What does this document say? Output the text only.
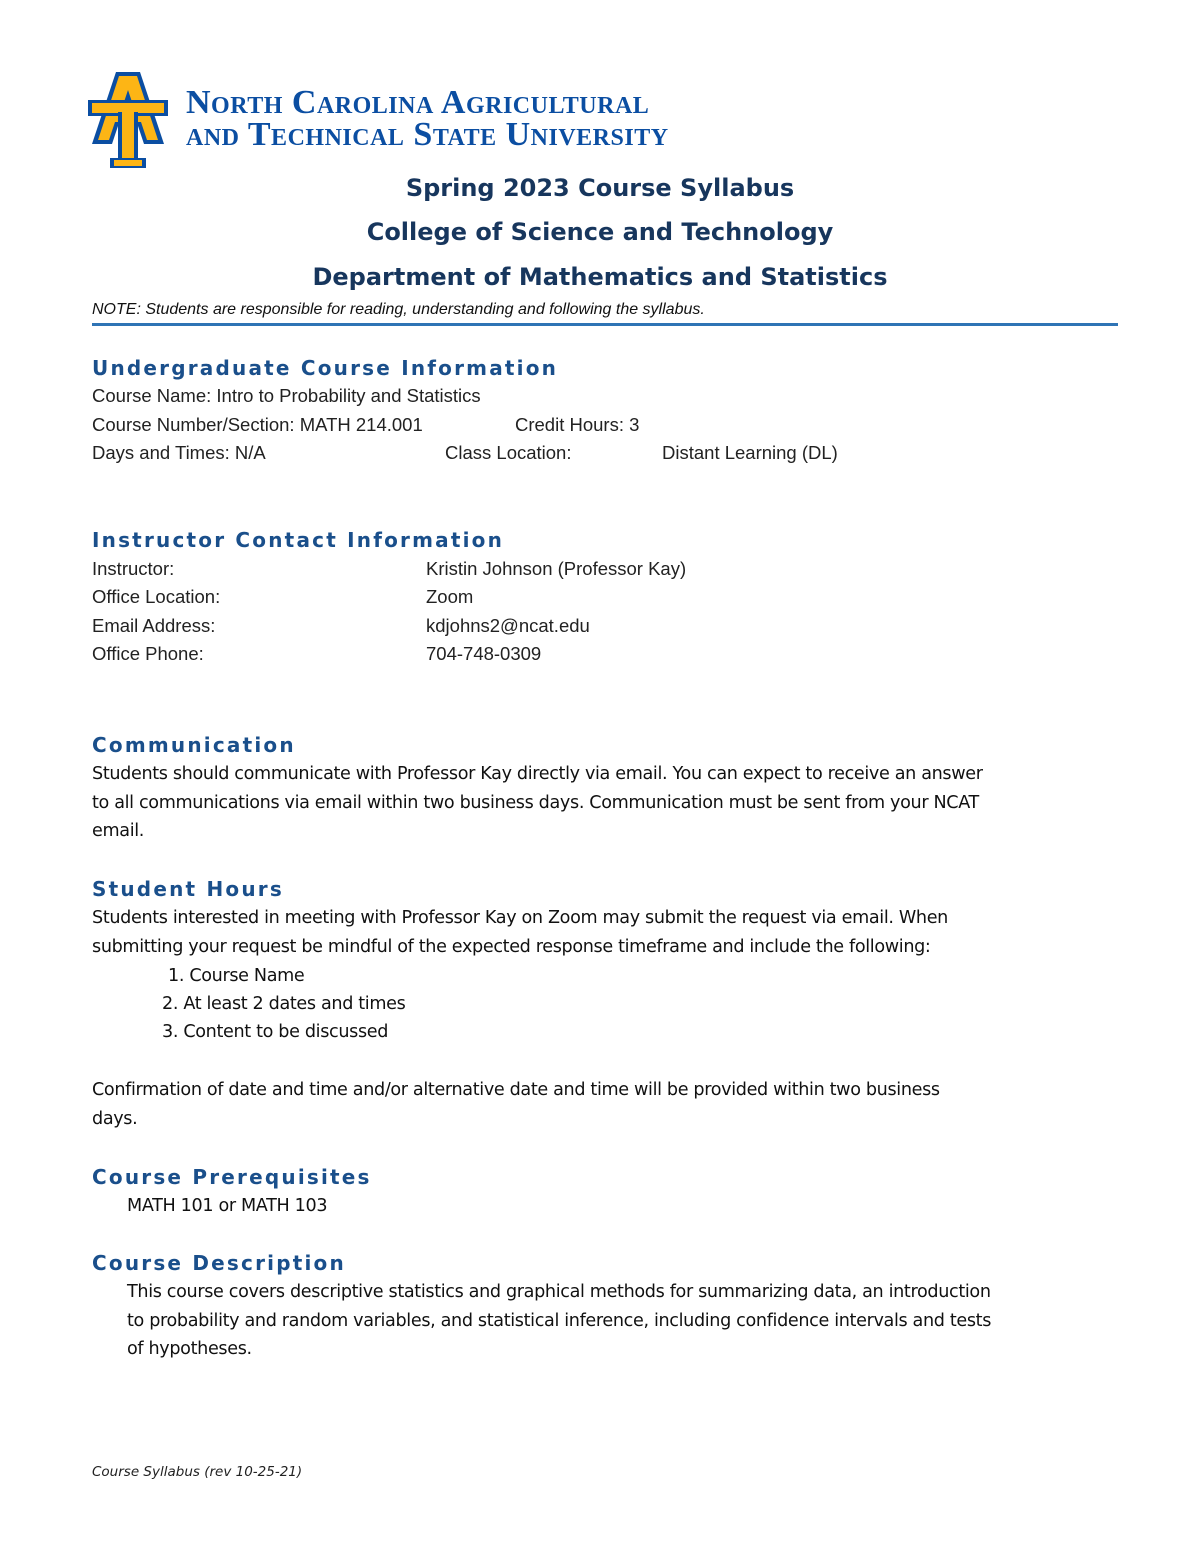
North Carolina Agricultural
and Technical State University
Spring 2023 Course Syllabus
College of Science and Technology
Department of Mathematics and Statistics
NOTE: Students are responsible for reading, understanding and following the syllabus.
Undergraduate Course Information
Course Name: Intro to Probability and Statistics
Course Number/Section: MATH 214.001	Credit Hours: 3
Days and Times: N/A	Class Location:	Distant Learning (DL)
Instructor Contact Information
Instructor:	Kristin Johnson (Professor Kay)
Office Location:	Zoom
Email Address:	kdjohns2@ncat.edu
Office Phone:	704-748-0309
Communication

Students should communicate with Professor Kay directly via email. You can expect to receive an answer

to all communications via email within two business days. Communication must be sent from your NCAT

email.

Student Hours

Students interested in meeting with Professor Kay on Zoom may submit the request via email. When

submitting your request be mindful of the expected response timeframe and include the following:

1. Course Name
2. At least 2 dates and times
3. Content to be discussed

Confirmation of date and time and/or alternative date and time will be provided within two business

days.

Course Prerequisites
MATH 101 or MATH 103
Course Description

This course covers descriptive statistics and graphical methods for summarizing data, an introduction

to probability and random variables, and statistical inference, including confidence intervals and tests

of hypotheses.

Course Syllabus (rev 10-25-21)
